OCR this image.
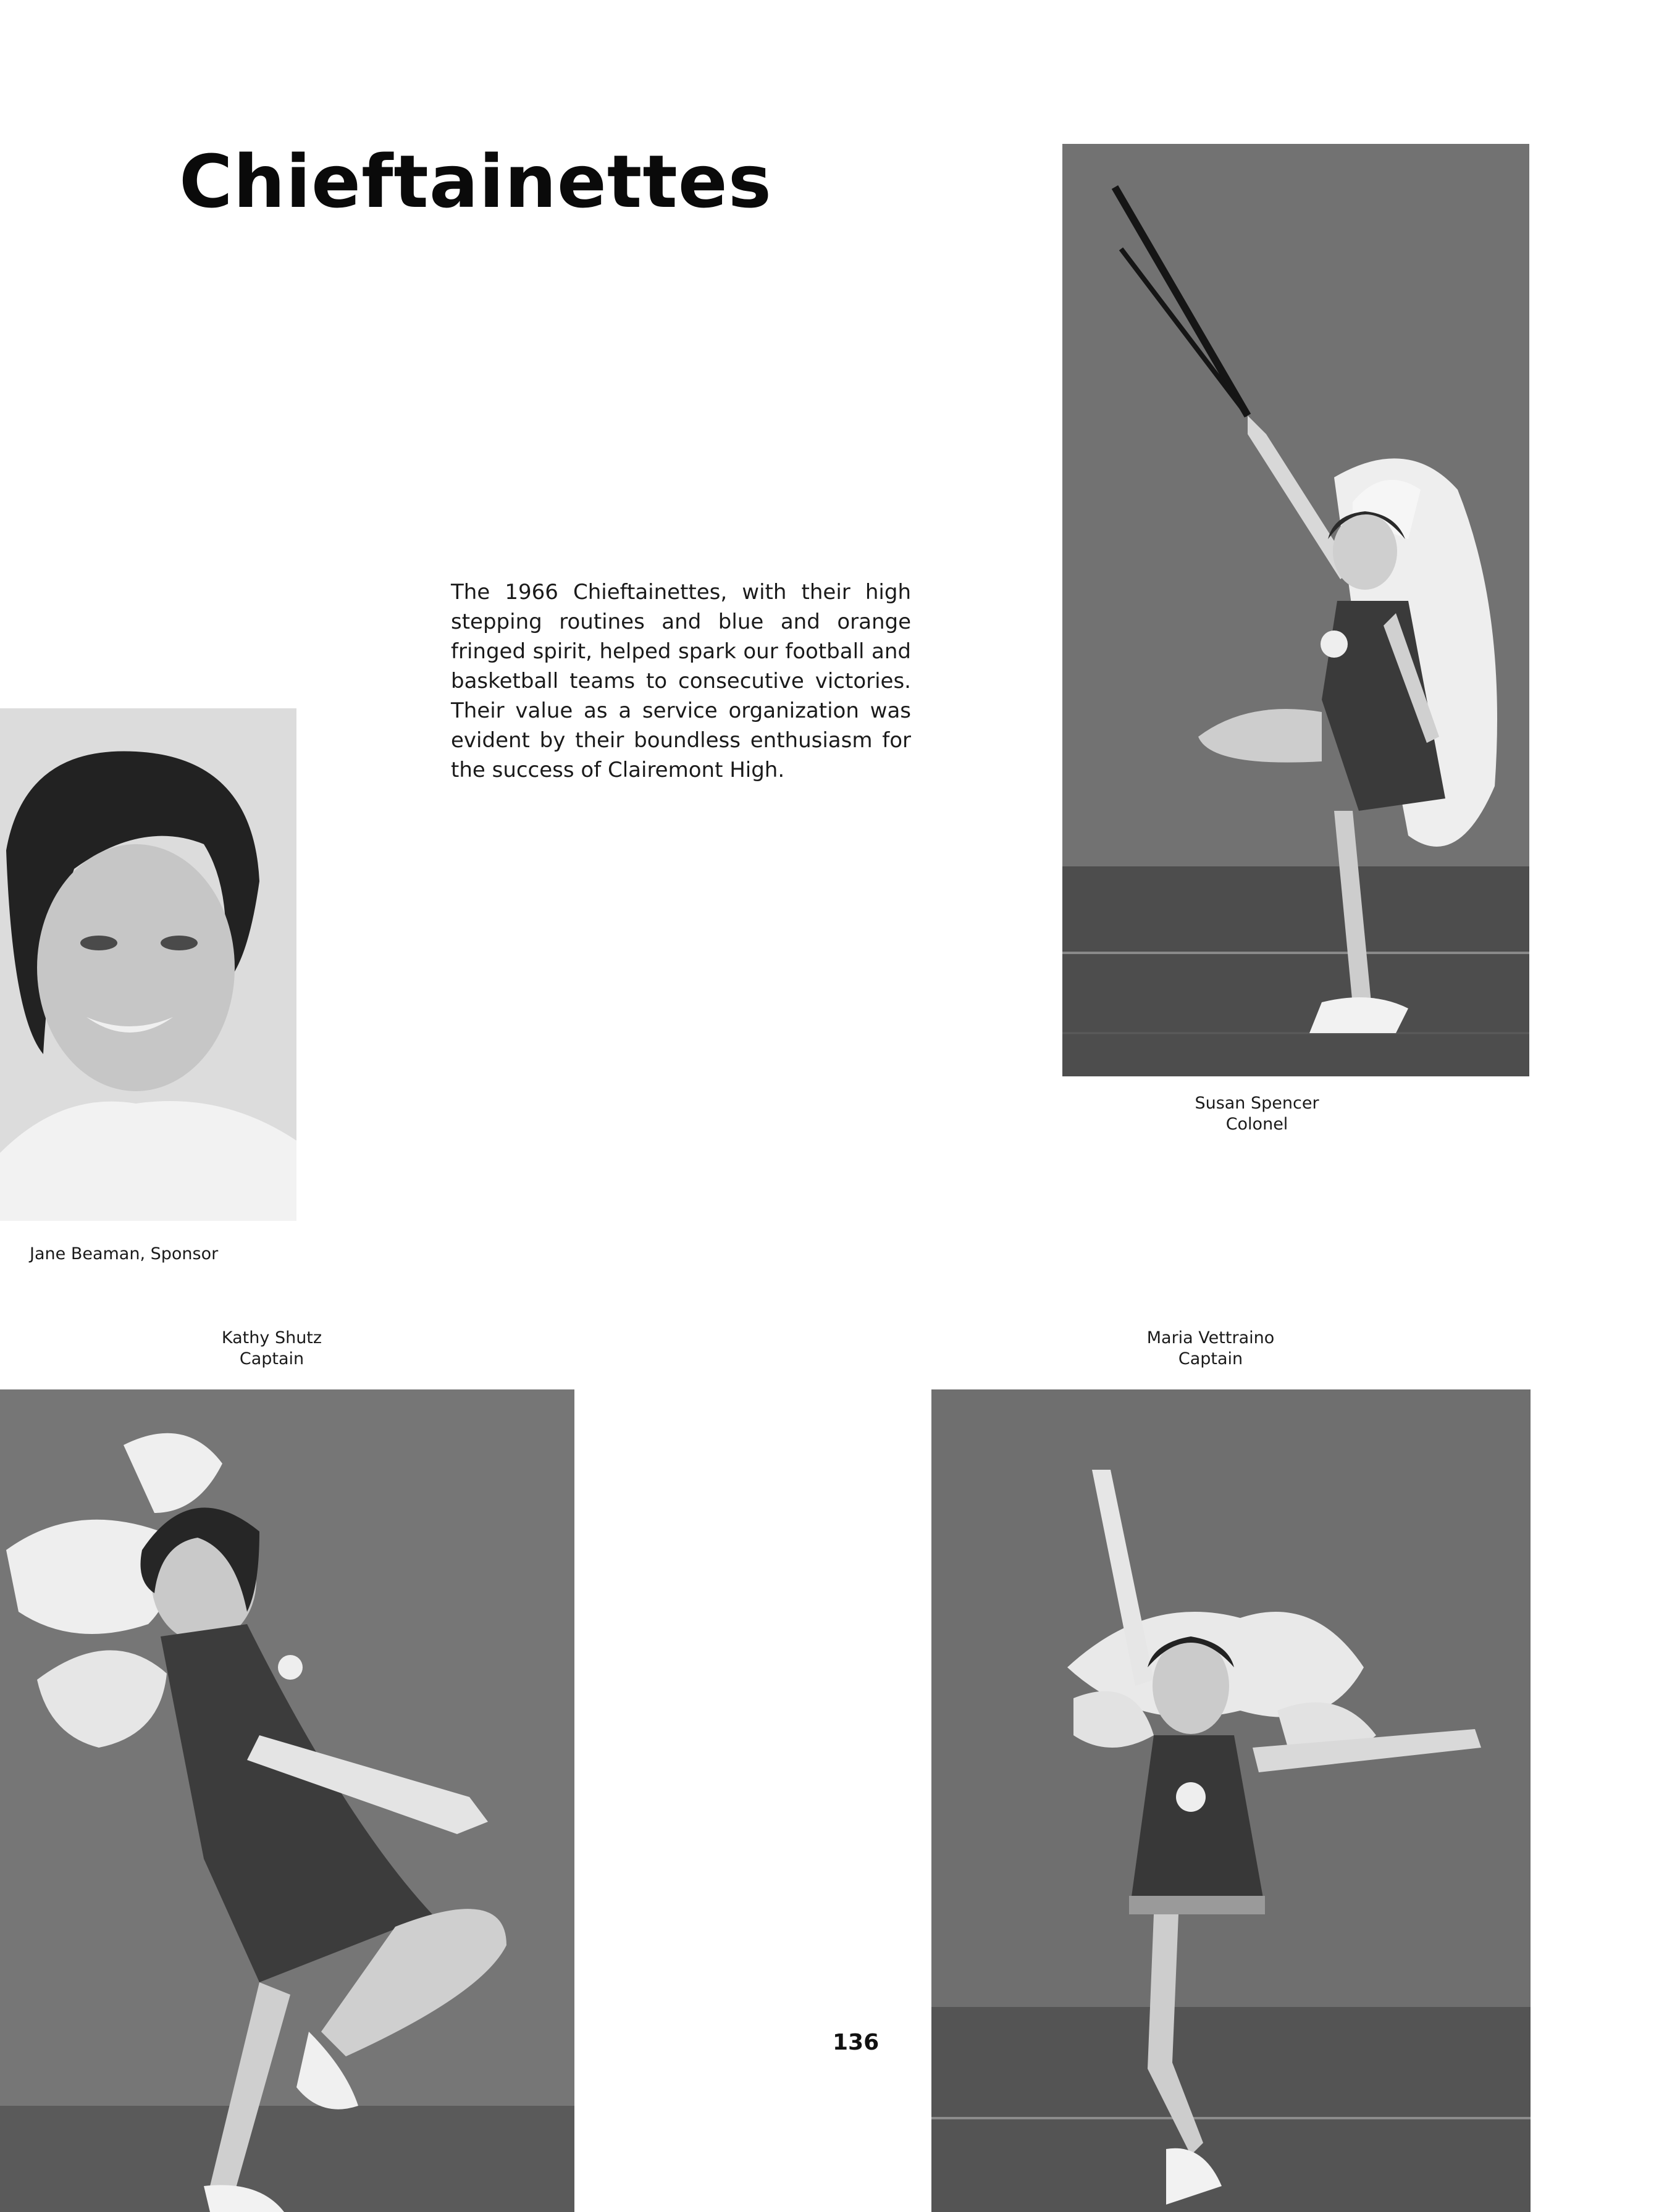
Chieftainettes

The 1966 Chieftainettes, with their high stepping routines and blue and orange fringed spirit, helped spark our football and basketball teams to consecutive victories. Their value as a service organization was evident by their boundless enthusiasm for the success of Clairemont High.

Susan Spencer
Colonel
Jane Beaman, Sponsor
Kathy Shutz
Captain
Maria Vettraino
Captain
136
